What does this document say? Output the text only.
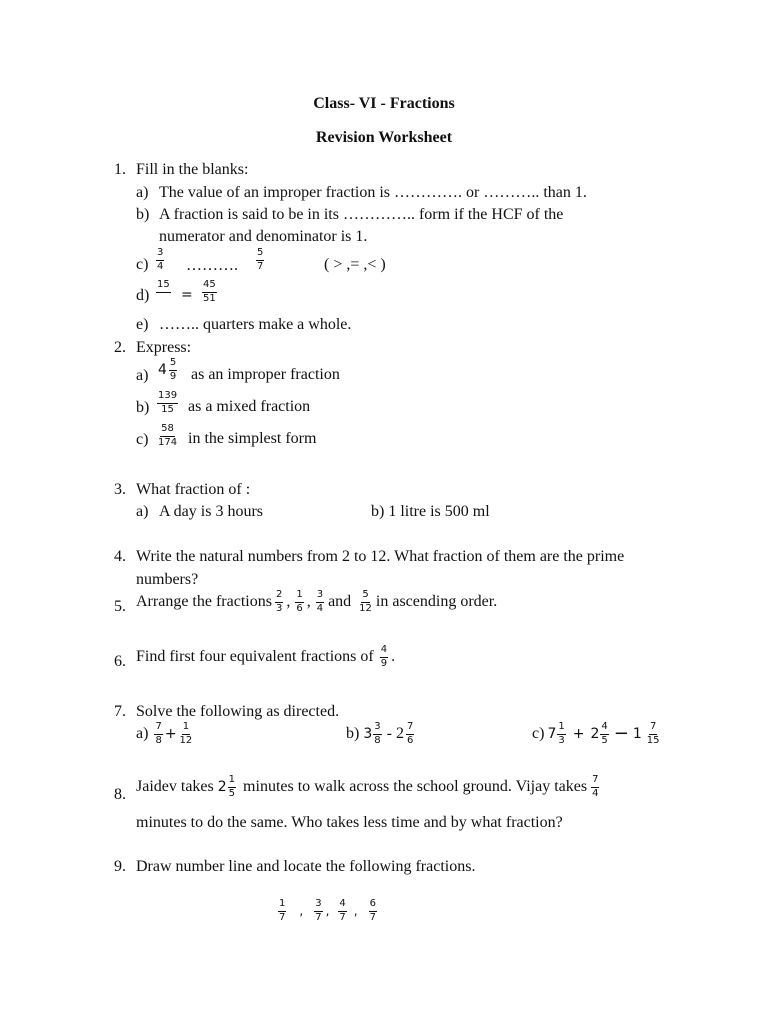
Class- VI - Fractions
Revision Worksheet
1. Fill in the blanks:
a) The value of an improper fraction is …………. or ……….. than 1.
b) A fraction is said to be in its ………….. form if the HCF of the
numerator and denominator is 1.
$c) \frac{3}{4}$ ………. $\frac{5}{7}$	( > ,= ,< )
d)
15
= $\frac{45}{51}$
e) …….. quarters make a whole.
2. Express:
a) $4 \frac{5}{9}$ as an improper fraction
$b) \frac{139}{15}$ as a mixed fraction
$c) \frac{58}{174}$ in the simplest form
3. What fraction of :
a) A day is 3 hours	b) 1 litre is 500 ml
4. Write the natural numbers from 2 to 12. What fraction of them are the prime
numbers?
5. Arrange the fractions $\frac{2}{3}$ , $\frac{1}{6}$ , $\frac{3}{4}$ and $\frac{5}{12}$ in ascending order.
6. Find first four equivalent fractions of $\frac{4}{9}$ .
7. Solve the following as directed.
$a) \frac{7}{8} + \frac{1}{12}$	b) $3 \frac{3}{8} - 2 \frac{7}{6}$	c) $7 \frac{1}{3} + 2 \frac{4}{5} - 1 \frac{7}{15}$
8. Jaidev takes $2 \frac{1}{5}$ minutes to walk across the school ground. Vijay takes $\frac{7}{4}$
minutes to do the same. Who takes less time and by what fraction?
9. Draw number line and locate the following fractions.
$\frac{1}{7}$ , $\frac{3}{7}$ , $\frac{4}{7}$ , $\frac{6}{7}$
